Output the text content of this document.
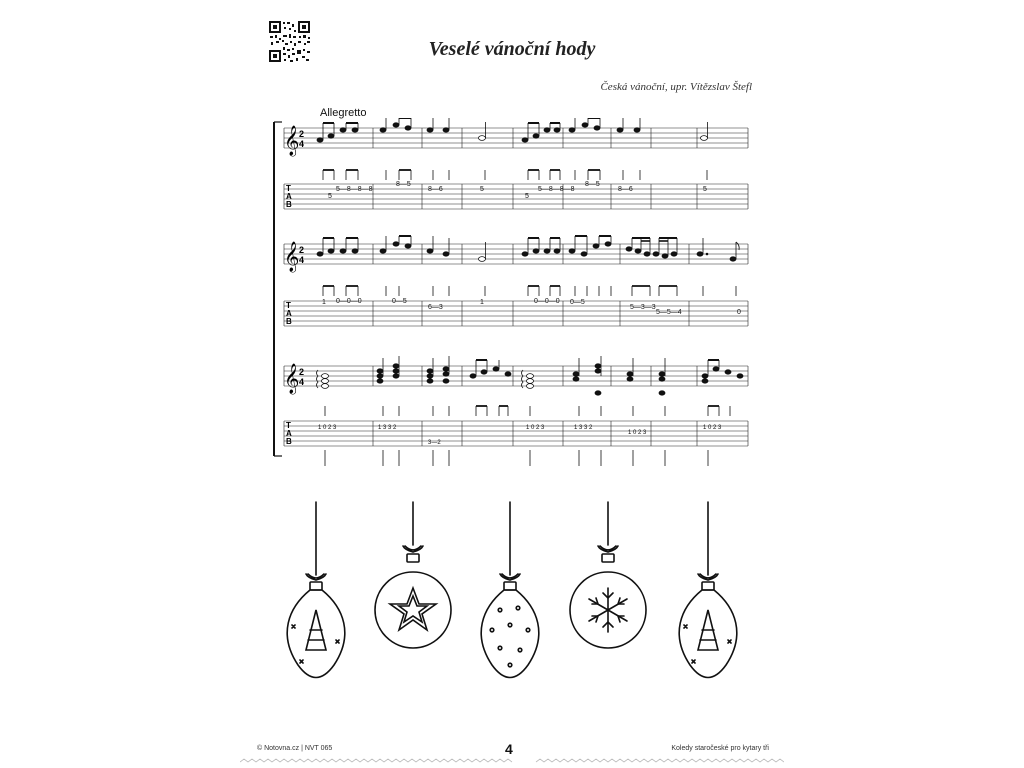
Veselé vánoční hody
Česká vánoční, upr. Vítězslav Štefl
Allegretto
𝄞 2
4
T
A
B
5
5—8—8—8
8—5
8—6	5
5
5—8—8—8
8—5
8—6	5
𝄞 2
4
T
A
B
1 0—0—0	0—5
6—3
1	0—0—0 0—5
5—3—3
5—5—4	0
𝄞 2
4
T
A
B
1 0 2 3	1 3 3 2
3—2
1 0 2 3	1 3 3 2
1 0 2 3
1 0 2 3
© Notovna.cz | NVT 065	4	Koledy staročeské pro kytary tři
